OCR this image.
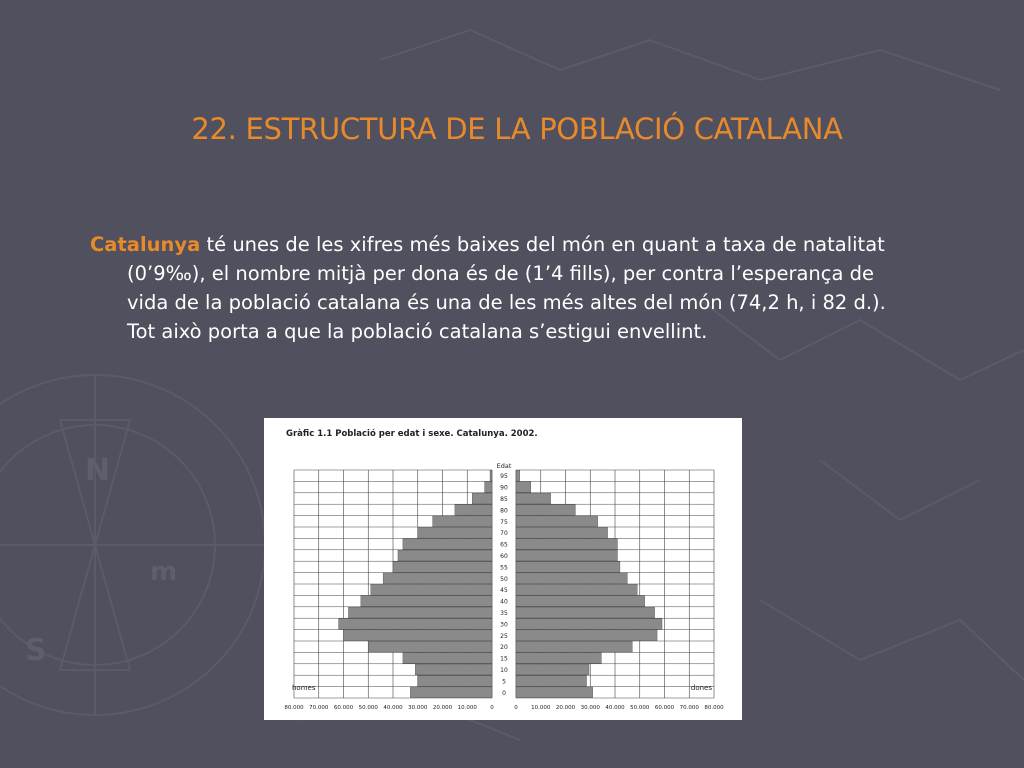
N
S
m
22. ESTRUCTURA DE LA POBLACIÓ CATALANA
Catalunya té unes de les xifres més baixes del món en quant a taxa de natalitat (0’9‰), el nombre mitjà per dona és de (1’4 fills), per contra l’esperança de vida de la població catalana és una de les més altes del món (74,2 h, i 82 d.). Tot això porta a que la població catalana s’estigui envellint.
Gràfic 1.1 Població per edat i sexe. Catalunya. 2002.
0
5
10
15
20
25
30
35
40
45
50
55
60
65
70
75
80
85
90
95
80.000 70.000 60.000 50.000 40.000 30.000 20.000 10.000 0	0 10.000 20.000 30.000 40.000 50.000 60.000 70.000 80.000
Edat
homes	dones
